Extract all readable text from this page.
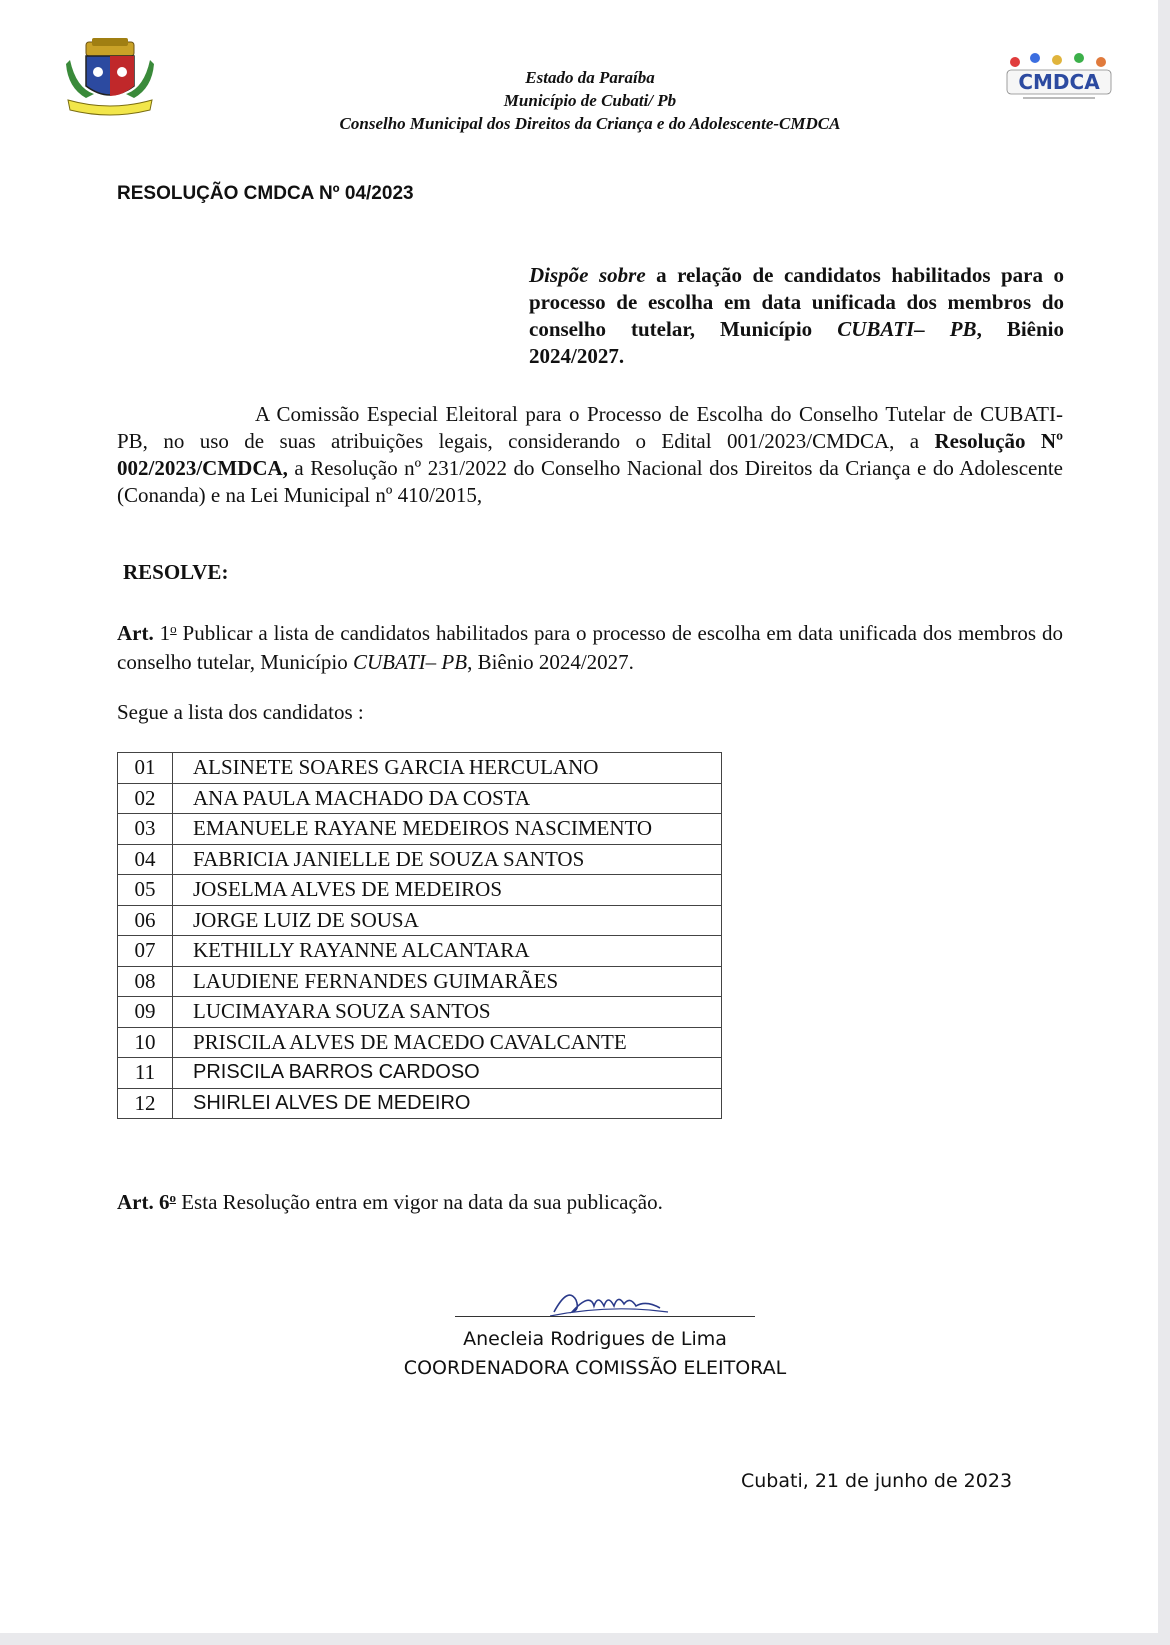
Estado da Paraíba
Município de Cubati/ Pb
Conselho Municipal dos Direitos da Criança e do Adolescente-CMDCA
CMDCA
RESOLUÇÃO CMDCA Nº 04/2023
Dispõe sobre a relação de candidatos habilitados para o processo de escolha em data unificada dos membros do conselho tutelar, Município CUBATI– PB, Biênio 2024/2027.
A Comissão Especial Eleitoral para o Processo de Escolha do Conselho Tutelar de CUBATI-PB, no uso de suas atribuições legais, considerando o Edital 001/2023/CMDCA, a Resolução Nº 002/2023/CMDCA, a Resolução nº 231/2022 do Conselho Nacional dos Direitos da Criança e do Adolescente (Conanda) e na Lei Municipal nº 410/2015,
RESOLVE:
Art. 1$^o$ Publicar a lista de candidatos habilitados para o processo de escolha em data unificada dos membros do conselho tutelar, Município CUBATI– PB, Biênio 2024/2027.
Segue a lista dos candidatos :
01	ALSINETE SOARES GARCIA HERCULANO
02	ANA PAULA MACHADO DA COSTA
03	EMANUELE RAYANE MEDEIROS NASCIMENTO
04	FABRICIA JANIELLE DE SOUZA SANTOS
05	JOSELMA ALVES DE MEDEIROS
06	JORGE LUIZ DE SOUSA
07	KETHILLY RAYANNE ALCANTARA
08	LAUDIENE FERNANDES GUIMARÃES
09	LUCIMAYARA SOUZA SANTOS
10	PRISCILA ALVES DE MACEDO CAVALCANTE
11	PRISCILA BARROS CARDOSO
12	SHIRLEI ALVES DE MEDEIRO
Art. 6$^o$ Esta Resolução entra em vigor na data da sua publicação.
Anecleia Rodrigues de Lima
COORDENADORA COMISSÃO ELEITORAL
Cubati, 21 de junho de 2023
